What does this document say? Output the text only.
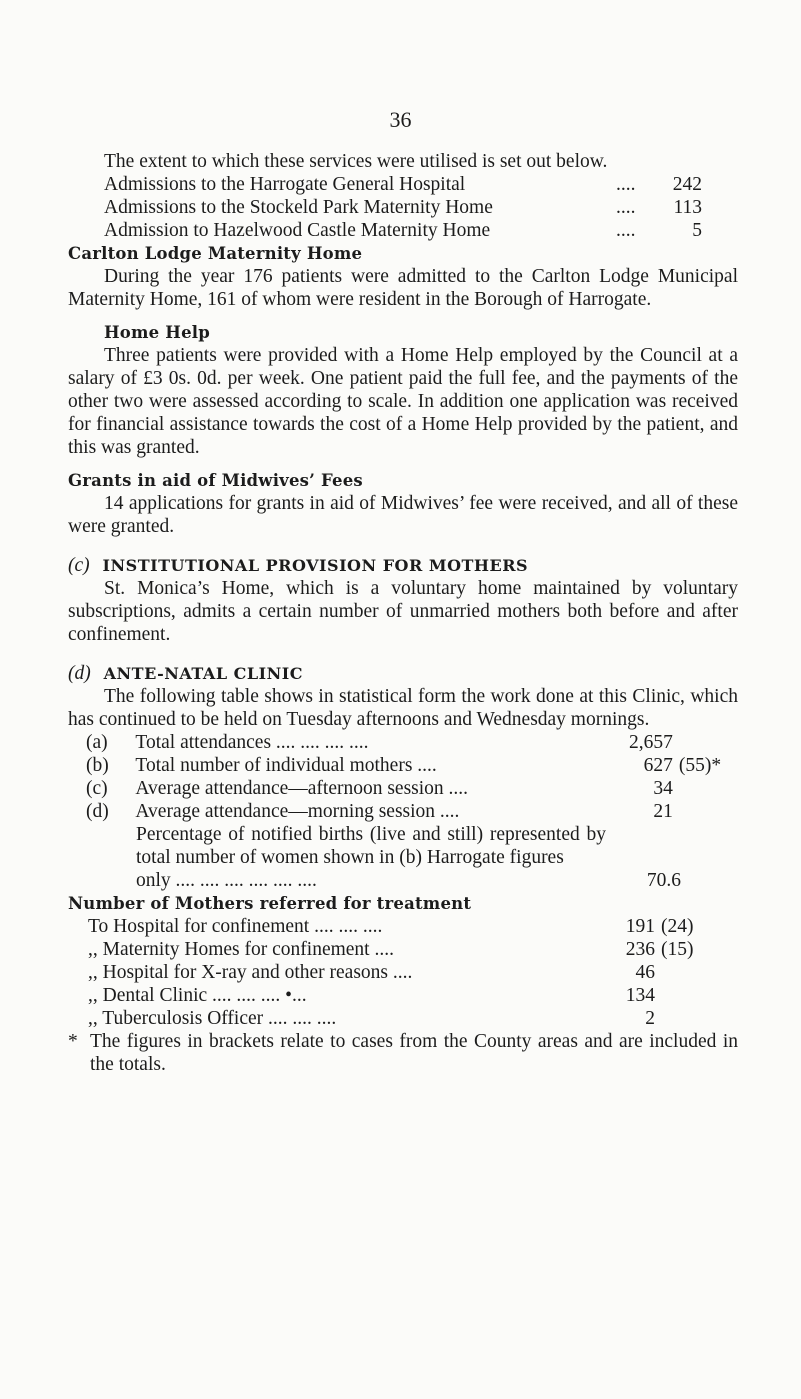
36

The extent to which these services were utilised is set out below.

Admissions to the Harrogate General Hospital	....	242
Admissions to the Stockeld Park Maternity Home	....	113
Admission to Hazelwood Castle Maternity Home	....	5

Carlton Lodge Maternity Home

During the year 176 patients were admitted to the Carlton Lodge Municipal Maternity Home, 161 of whom were resident in the Borough of Harrogate.

Home Help

Three patients were provided with a Home Help employed by the Council at a salary of £3 0s. 0d. per week. One patient paid the full fee, and the payments of the other two were assessed according to scale. In addition one application was received for financial assistance towards the cost of a Home Help provided by the patient, and this was granted.

Grants in aid of Midwives’ Fees

14 applications for grants in aid of Midwives’ fee were received, and all of these were granted.

(c) INSTITUTIONAL PROVISION FOR MOTHERS

St. Monica’s Home, which is a voluntary home maintained by voluntary subscriptions, admits a certain number of unmarried mothers both before and after confinement.

(d) ANTE-NATAL CLINIC

The following table shows in statistical form the work done at this Clinic, which has continued to be held on Tuesday afternoons and Wednesday mornings.

(a)	Total attendances .... .... .... ....	2,657
(b)	Total number of individual mothers ....	627 (55)*
(c)	Average attendance—afternoon session ....	34
(d)	Average attendance—morning session ....	21
Percentage of notified births (live and still) represented by total number of women shown in (b) Harrogate figures
only .... .... .... .... .... ....	70.6

Number of Mothers referred for treatment

To Hospital for confinement .... .... ....	191 (24)
,, Maternity Homes for confinement ....	236 (15)
,, Hospital for X-ray and other reasons ....	46
,, Dental Clinic .... .... .... •...	134
,, Tuberculosis Officer .... .... ....	2
* The figures in brackets relate to cases from the County areas and are included in the totals.
